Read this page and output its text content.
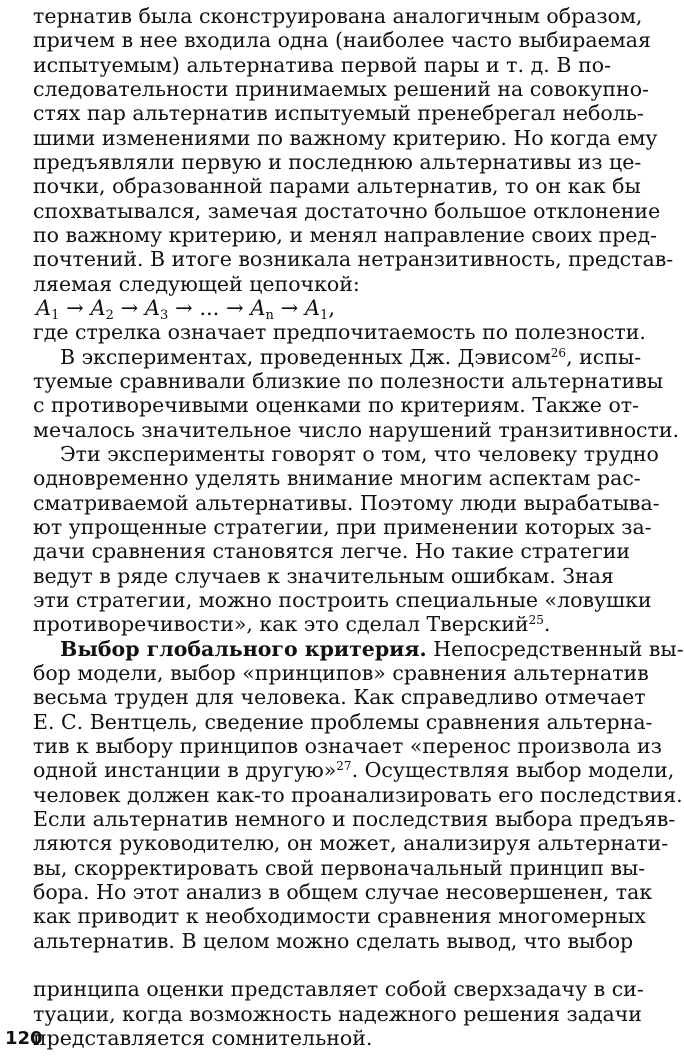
тернатив была сконструирована аналогичным образом,
причем в нее входила одна (наиболее часто выбираемая
испытуемым) альтернатива первой пары и т. д. В по-
следовательности принимаемых решений на совокупно-
стях пар альтернатив испытуемый пренебрегал неболь-
шими изменениями по важному критерию. Но когда ему
предъявляли первую и последнюю альтернативы из це-
почки, образованной парами альтернатив, то он как бы
спохватывался, замечая достаточно большое отклонение
по важному критерию, и менял направление своих пред-
почтений. В итоге возникала нетранзитивность, представ-
ляемая следующей цепочкой:
$A_1 \to A_2 \to A_3$ → ... → $A_n \to A_1$,
где стрелка означает предпочитаемость по полезности.
В экспериментах, проведенных Дж. Дэвисом$^{26}$, испы-
туемые сравнивали близкие по полезности альтернативы
с противоречивыми оценками по критериям. Также от-
мечалось значительное число нарушений транзитивности.
Эти эксперименты говорят о том, что человеку трудно
одновременно уделять внимание многим аспектам рас-
сматриваемой альтернативы. Поэтому люди вырабатыва-
ют упрощенные стратегии, при применении которых за-
дачи сравнения становятся легче. Но такие стратегии
ведут в ряде случаев к значительным ошибкам. Зная
эти стратегии, можно построить специальные «ловушки
противоречивости», как это сделал Тверский$^{25}$.
Выбор глобального критерия. Непосредственный вы-
бор модели, выбор «принципов» сравнения альтернатив
весьма труден для человека. Как справедливо отмечает
Е. С. Вентцель, сведение проблемы сравнения альтерна-
тив к выбору принципов означает «перенос произвола из
одной инстанции в другую»$^{27}$. Осуществляя выбор модели,
человек должен как-то проанализировать его последствия.
Если альтернатив немного и последствия выбора предъяв-
ляются руководителю, он может, анализируя альтернати-
вы, скорректировать свой первоначальный принцип вы-
бора. Но этот анализ в общем случае несовершенен, так
как приводит к необходимости сравнения многомерных
альтернатив. В целом можно сделать вывод, что выбор
120
принципа оценки представляет собой сверхзадачу в си-
туации, когда возможность надежного решения задачи
представляется сомнительной.
